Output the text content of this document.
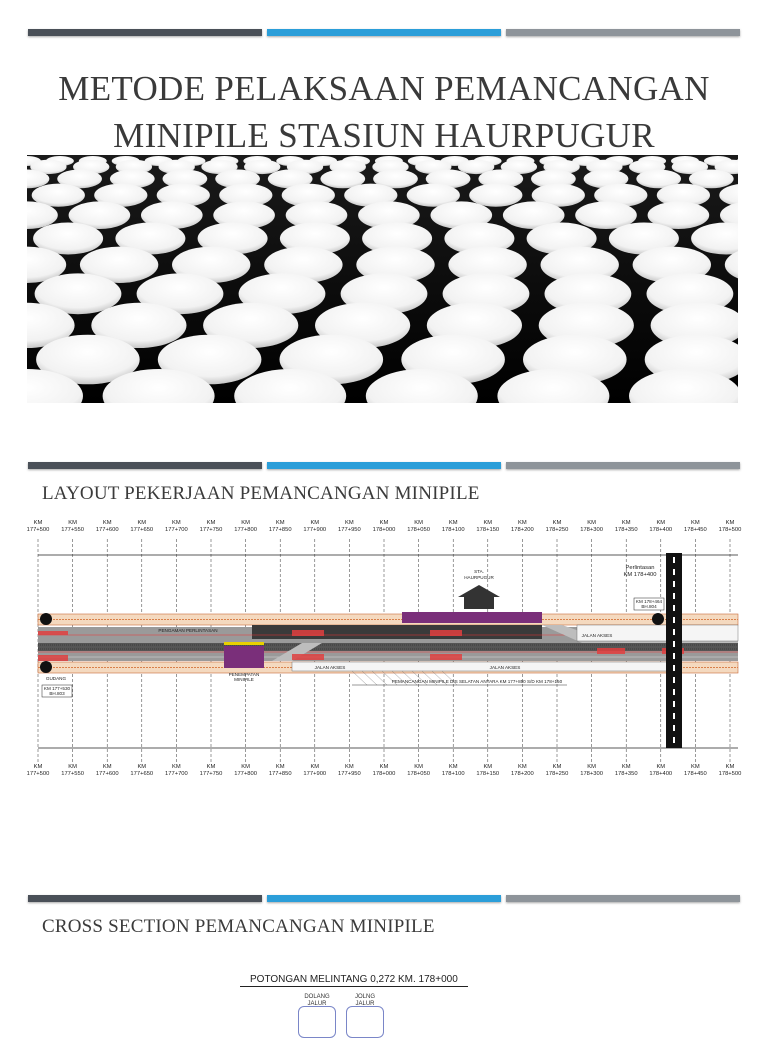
METODE PELAKSAAN PEMANCANGAN
MINIPILE STASIUN HAURPUGUR
LAYOUT PEKERJAAN PEMANCANGAN MINIPILE
KM
177+500
KM
177+550
KM
177+600
KM
177+650
KM
177+700
KM
177+750
KM
177+800
KM
177+850
KM
177+900
KM
177+950
KM
178+000
KM
178+050
KM
178+100
KM
178+150
KM
178+200
KM
178+250
KM
178+300
KM
178+350
KM
178+400
KM
178+450
KM
178+500
KM
177+500
KM
177+550
KM
177+600
KM
177+650
KM
177+700
KM
177+750
KM
177+800
KM
177+850
KM
177+900
KM
177+950
KM
178+000
KM
178+050
KM
178+100
KM
178+150
KM
178+200
KM
178+250
KM
178+300
KM
178+350
KM
178+400
KM
178+450
KM
178+500
STA.
HAURPUGUR
Perlintasan
KM 178+400
KM 178+464
BH.804
KM 177+530
BH.803
JALAN AKSES
JALAN AKSES	JALAN AKSES
PENGAMAN PERLINTASAN
GUDANG
PENEMPATAN
MINIPILE	PEMANCANGAN MINIPILE DIS SELATAN ANTARA KM 177+850 S/D KM 178+150
CROSS SECTION PEMANCANGAN MINIPILE
POTONGAN MELINTANG 0,272 KM. 178+000
DOLANG
JALUR
JOLNG
JALUR
